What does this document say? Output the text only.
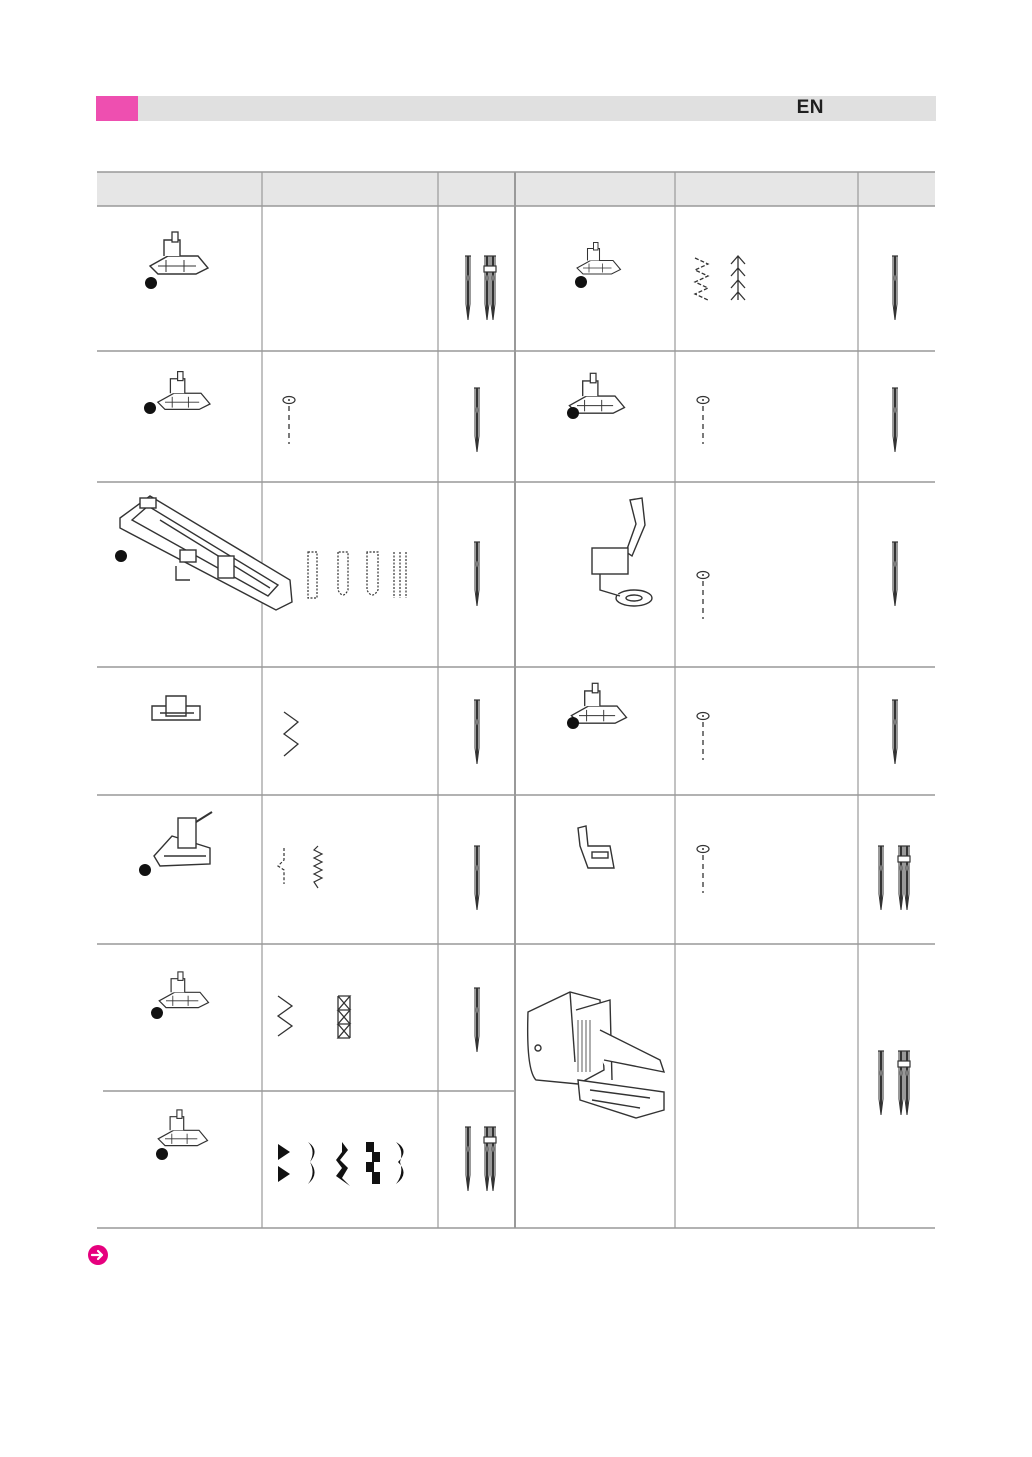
EN
